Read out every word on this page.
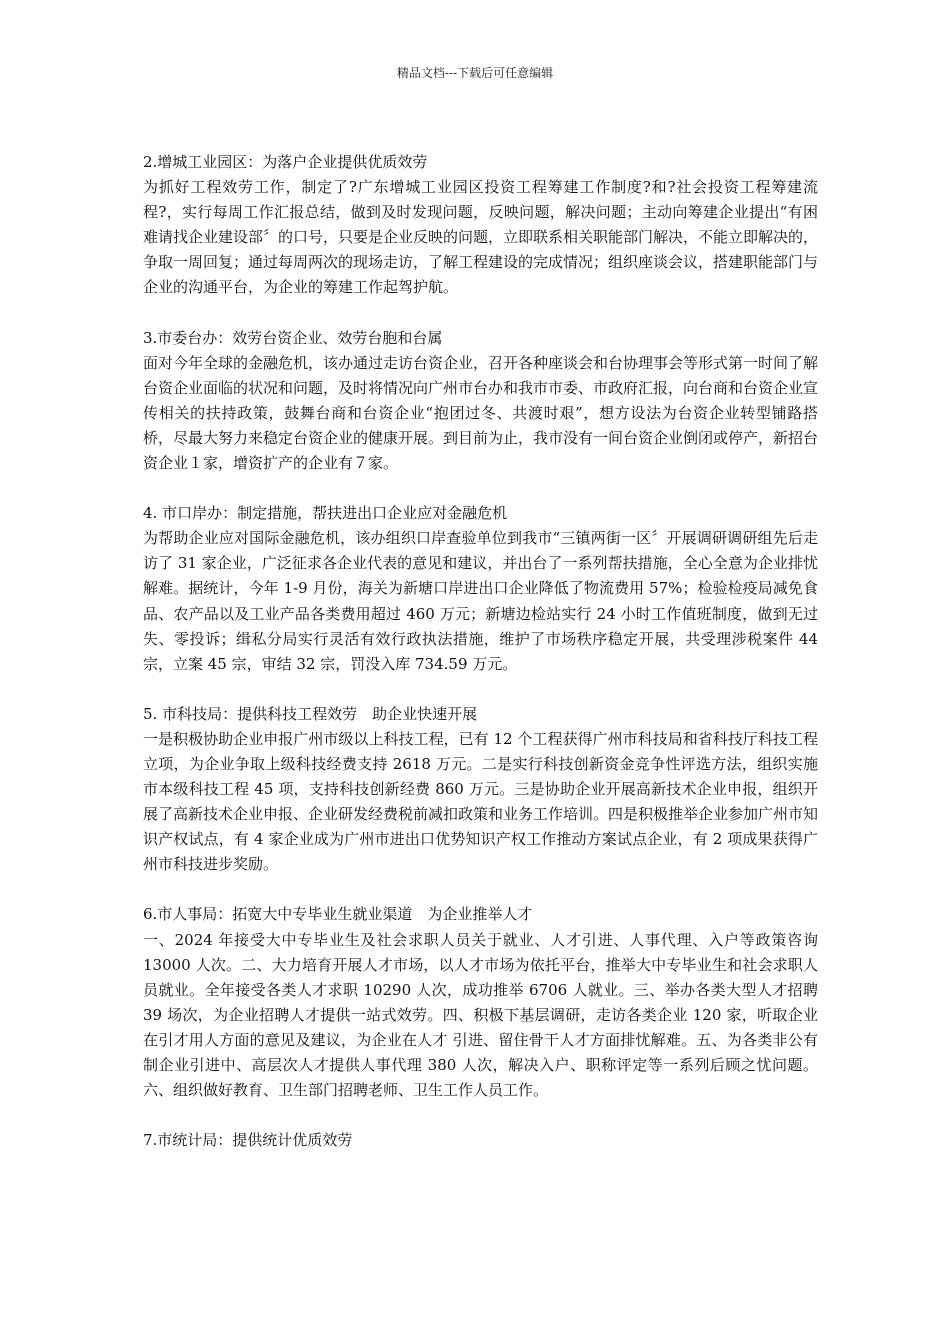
精品文档---下载后可任意编辑

2.增城工业园区：为落户企业提供优质效劳

为抓好工程效劳工作，制定了?广东增城工业园区投资工程筹建工作制度?和?社会投资工程筹建流程?，实行每周工作汇报总结，做到及时发现问题，反映问题，解决问题；主动向筹建企业提出“有困难请找企业建设部〞的口号，只要是企业反映的问题，立即联系相关职能部门解决，不能立即解决的，争取一周回复；通过每周两次的现场走访，了解工程建设的完成情况；组织座谈会议，搭建职能部门与企业的沟通平台，为企业的筹建工作起驾护航。

3.市委台办：效劳台资企业、效劳台胞和台属

面对今年全球的金融危机，该办通过走访台资企业，召开各种座谈会和台协理事会等形式第一时间了解台资企业面临的状况和问题，及时将情况向广州市台办和我市市委、市政府汇报，向台商和台资企业宣传相关的扶持政策，鼓舞台商和台资企业“抱团过冬、共渡时艰”，想方设法为台资企业转型铺路搭桥，尽最大努力来稳定台资企业的健康开展。到目前为止，我市没有一间台资企业倒闭或停产，新招台资企业１家，增资扩产的企业有７家。

4. 市口岸办：制定措施，帮扶进出口企业应对金融危机

为帮助企业应对国际金融危机，该办组织口岸查验单位到我市“三镇两街一区〞开展调研调研组先后走访了 31 家企业，广泛征求各企业代表的意见和建议，并出台了一系列帮扶措施，全心全意为企业排忧解难。据统计，今年 1-9 月份，海关为新塘口岸进出口企业降低了物流费用 57%；检验检疫局减免食品、农产品以及工业产品各类费用超过 460 万元；新塘边检站实行 24 小时工作值班制度，做到无过失、零投诉；缉私分局实行灵活有效行政执法措施，维护了市场秩序稳定开展，共受理涉税案件 44 宗，立案 45 宗，审结 32 宗，罚没入库 734.59 万元。

5. 市科技局：提供科技工程效劳　助企业快速开展

一是积极协助企业申报广州市级以上科技工程，已有 12 个工程获得广州市科技局和省科技厅科技工程立项，为企业争取上级科技经费支持 2618 万元。二是实行科技创新资金竞争性评选方法，组织实施市本级科技工程 45 项，支持科技创新经费 860 万元。三是协助企业开展高新技术企业申报，组织开展了高新技术企业申报、企业研发经费税前减扣政策和业务工作培训。四是积极推举企业参加广州市知识产权试点，有 4 家企业成为广州市进出口优势知识产权工作推动方案试点企业，有 2 项成果获得广州市科技进步奖励。

6.市人事局：拓宽大中专毕业生就业渠道　为企业推举人才

一、2024 年接受大中专毕业生及社会求职人员关于就业、人才引进、人事代理、入户等政策咨询 13000 人次。二、大力培育开展人才市场，以人才市场为依托平台，推举大中专毕业生和社会求职人员就业。全年接受各类人才求职 10290 人次，成功推举 6706 人就业。三、举办各类大型人才招聘 39 场次，为企业招聘人才提供一站式效劳。四、积极下基层调研，走访各类企业 120 家，听取企业在引才用人方面的意见及建议，为企业在人才 引进、留住骨干人才方面排忧解难。五、为各类非公有制企业引进中、高层次人才提供人事代理 380 人次，解决入户、职称评定等一系列后顾之忧问题。六、组织做好教育、卫生部门招聘老师、卫生工作人员工作。

7.市统计局：提供统计优质效劳
